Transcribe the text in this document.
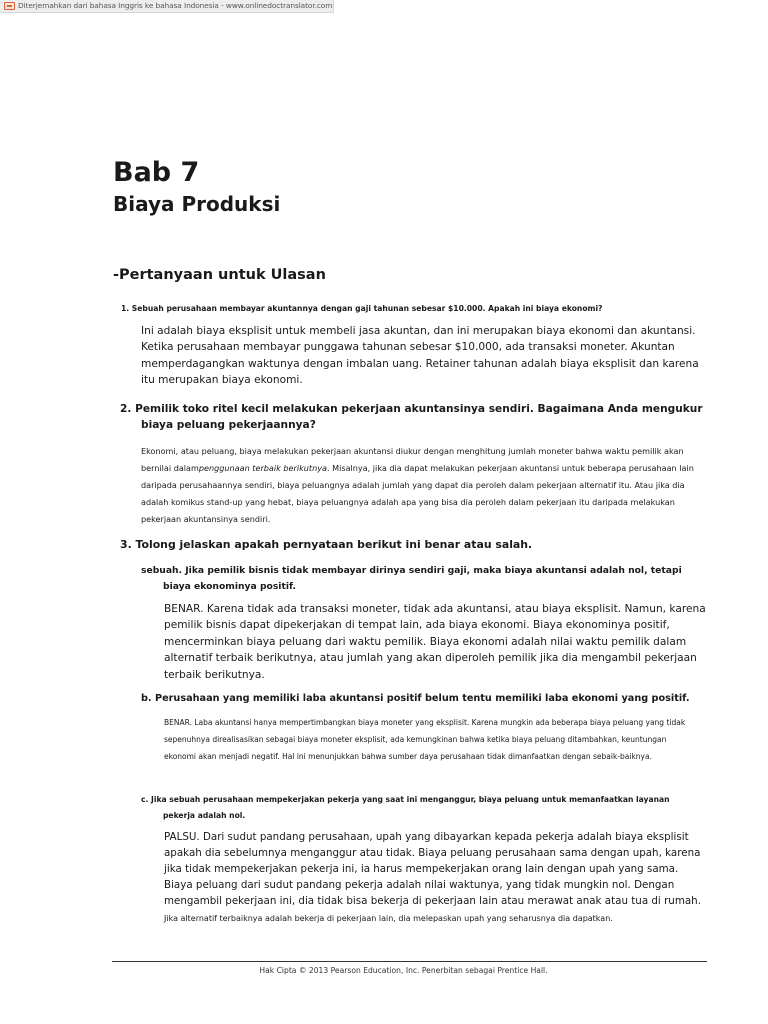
Diterjemahkan dari bahasa Inggris ke bahasa Indonesia - www.onlinedoctranslator.com
Bab 7
Biaya Produksi
-Pertanyaan untuk Ulasan
1. Sebuah perusahaan membayar akuntannya dengan gaji tahunan sebesar $10.000. Apakah ini biaya ekonomi?
Ini adalah biaya eksplisit untuk membeli jasa akuntan, dan ini merupakan biaya ekonomi dan akuntansi. Ketika perusahaan membayar punggawa tahunan sebesar $10.000, ada transaksi moneter. Akuntan memperdagangkan waktunya dengan imbalan uang. Retainer tahunan adalah biaya eksplisit dan karena itu merupakan biaya ekonomi.
2. Pemilik toko ritel kecil melakukan pekerjaan akuntansinya sendiri. Bagaimana Anda mengukur biaya peluang pekerjaannya?
Ekonomi, atau peluang, biaya melakukan pekerjaan akuntansi diukur dengan menghitung jumlah moneter bahwa waktu pemilik akan bernilai dalampenggunaan terbaik berikutnya. Misalnya, jika dia dapat melakukan pekerjaan akuntansi untuk beberapa perusahaan lain daripada perusahaannya sendiri, biaya peluangnya adalah jumlah yang dapat dia peroleh dalam pekerjaan alternatif itu. Atau jika dia adalah komikus stand-up yang hebat, biaya peluangnya adalah apa yang bisa dia peroleh dalam pekerjaan itu daripada melakukan pekerjaan akuntansinya sendiri.
3. Tolong jelaskan apakah pernyataan berikut ini benar atau salah.
sebuah. Jika pemilik bisnis tidak membayar dirinya sendiri gaji, maka biaya akuntansi adalah nol, tetapi biaya ekonominya positif.
BENAR. Karena tidak ada transaksi moneter, tidak ada akuntansi, atau biaya eksplisit. Namun, karena pemilik bisnis dapat dipekerjakan di tempat lain, ada biaya ekonomi. Biaya ekonominya positif, mencerminkan biaya peluang dari waktu pemilik. Biaya ekonomi adalah nilai waktu pemilik dalam alternatif terbaik berikutnya, atau jumlah yang akan diperoleh pemilik jika dia mengambil pekerjaan terbaik berikutnya.
b. Perusahaan yang memiliki laba akuntansi positif belum tentu memiliki laba ekonomi yang positif.
BENAR. Laba akuntansi hanya mempertimbangkan biaya moneter yang eksplisit. Karena mungkin ada beberapa biaya peluang yang tidak sepenuhnya direalisasikan sebagai biaya moneter eksplisit, ada kemungkinan bahwa ketika biaya peluang ditambahkan, keuntungan ekonomi akan menjadi negatif. Hal ini menunjukkan bahwa sumber daya perusahaan tidak dimanfaatkan dengan sebaik-baiknya.
c. Jika sebuah perusahaan mempekerjakan pekerja yang saat ini menganggur, biaya peluang untuk memanfaatkan layanan pekerja adalah nol.
PALSU. Dari sudut pandang perusahaan, upah yang dibayarkan kepada pekerja adalah biaya eksplisit apakah dia sebelumnya menganggur atau tidak. Biaya peluang perusahaan sama dengan upah, karena jika tidak mempekerjakan pekerja ini, ia harus mempekerjakan orang lain dengan upah yang sama. Biaya peluang dari sudut pandang pekerja adalah nilai waktunya, yang tidak mungkin nol. Dengan mengambil pekerjaan ini, dia tidak bisa bekerja di pekerjaan lain atau merawat anak atau tua di rumah.
Jika alternatif terbaiknya adalah bekerja di pekerjaan lain, dia melepaskan upah yang seharusnya dia dapatkan.
Hak Cipta © 2013 Pearson Education, Inc. Penerbitan sebagai Prentice Hall.
